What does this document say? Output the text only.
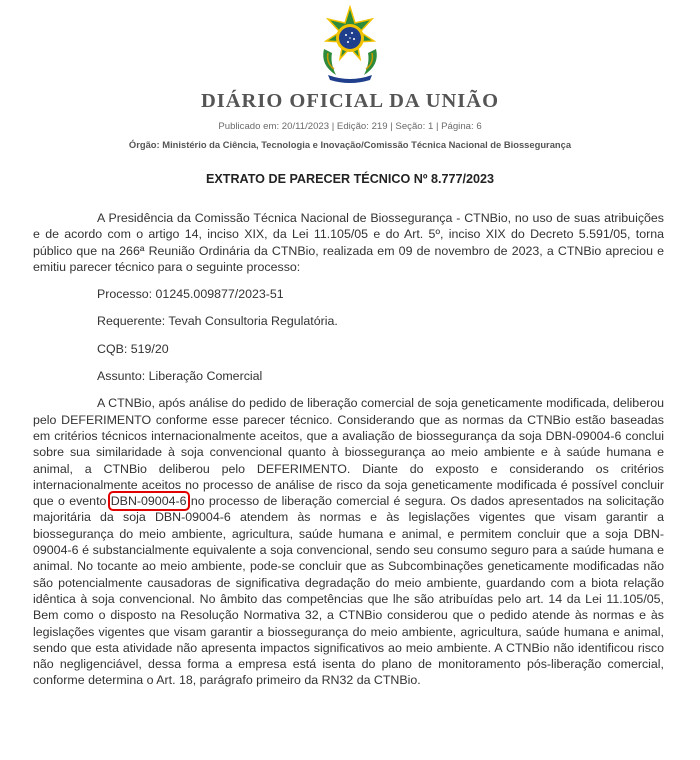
DIÁRIO OFICIAL DA UNIÃO
Publicado em: 20/11/2023 | Edição: 219 | Seção: 1 | Página: 6
Órgão: Ministério da Ciência, Tecnologia e Inovação/Comissão Técnica Nacional de Biossegurança
EXTRATO DE PARECER TÉCNICO Nº 8.777/2023

A Presidência da Comissão Técnica Nacional de Biossegurança - CTNBio, no uso de suas atribuições e de acordo com o artigo 14, inciso XIX, da Lei 11.105/05 e do Art. 5º, inciso XIX do Decreto 5.591/05, torna público que na 266ª Reunião Ordinária da CTNBio, realizada em 09 de novembro de 2023, a CTNBio apreciou e emitiu parecer técnico para o seguinte processo:

Processo: 01245.009877/2023-51

Requerente: Tevah Consultoria Regulatória.

CQB: 519/20

Assunto: Liberação Comercial

A CTNBio, após análise do pedido de liberação comercial de soja geneticamente modificada, deliberou pelo DEFERIMENTO conforme esse parecer técnico. Considerando que as normas da CTNBio estão baseadas em critérios técnicos internacionalmente aceitos, que a avaliação de biossegurança da soja DBN-09004-6 conclui sobre sua similaridade à soja convencional quanto à biossegurança ao meio ambiente e à saúde humana e animal, a CTNBio deliberou pelo DEFERIMENTO. Diante do exposto e considerando os critérios internacionalmente aceitos no processo de análise de risco da soja geneticamente modificada é possível concluir que o evento DBN-09004-6 no processo de liberação comercial é segura. Os dados apresentados na solicitação majoritária da soja DBN-09004-6 atendem às normas e às legislações vigentes que visam garantir a biossegurança do meio ambiente, agricultura, saúde humana e animal, e permitem concluir que a soja DBN-09004-6 é substancialmente equivalente a soja convencional, sendo seu consumo seguro para a saúde humana e animal. No tocante ao meio ambiente, pode-se concluir que as Subcombinações geneticamente modificadas não são potencialmente causadoras de significativa degradação do meio ambiente, guardando com a biota relação idêntica à soja convencional. No âmbito das competências que lhe são atribuídas pelo art. 14 da Lei 11.105/05, Bem como o disposto na Resolução Normativa 32, a CTNBio considerou que o pedido atende às normas e às legislações vigentes que visam garantir a biossegurança do meio ambiente, agricultura, saúde humana e animal, sendo que esta atividade não apresenta impactos significativos ao meio ambiente. A CTNBio não identificou risco não negligenciável, dessa forma a empresa está isenta do plano de monitoramento pós-liberação comercial, conforme determina o Art. 18, parágrafo primeiro da RN32 da CTNBio.
